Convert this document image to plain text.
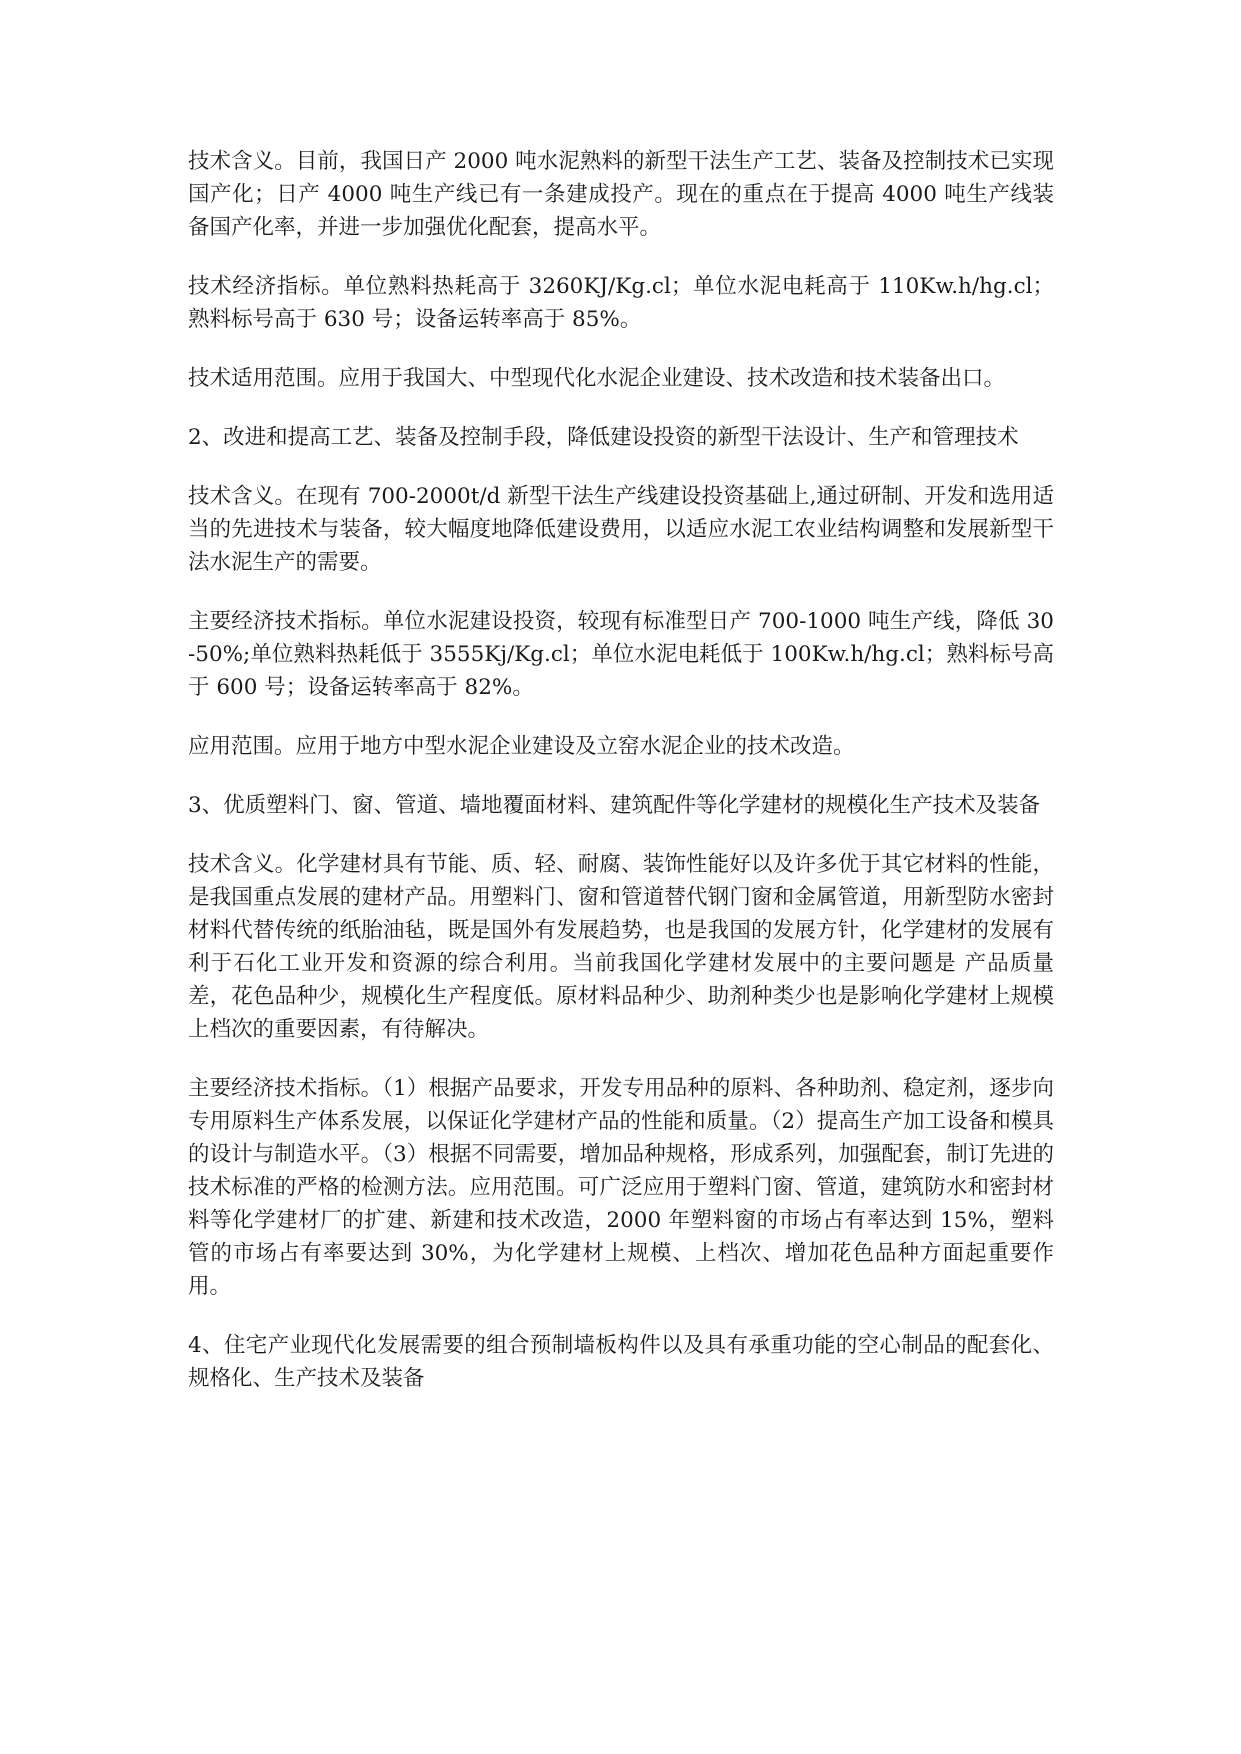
技术含义。目前，我国日产 2000 吨水泥熟料的新型干法生产工艺、装备及控制技术已实现国产化；日产 4000 吨生产线已有一条建成投产。现在的重点在于提高 4000 吨生产线装备国产化率，并进一步加强优化配套，提高水平。

技术经济指标。单位熟料热耗高于 3260KJ/Kg.cl；单位水泥电耗高于 110Kw.h/hg.cl；熟料标号高于 630 号；设备运转率高于 85%。

技术适用范围。应用于我国大、中型现代化水泥企业建设、技术改造和技术装备出口。

2、改进和提高工艺、装备及控制手段，降低建设投资的新型干法设计、生产和管理技术

技术含义。在现有 700-2000t/d 新型干法生产线建设投资基础上,通过研制、开发和选用适当的先进技术与装备，较大幅度地降低建设费用，以适应水泥工农业结构调整和发展新型干法水泥生产的需要。

主要经济技术指标。单位水泥建设投资，较现有标准型日产 700-1000 吨生产线，降低 30-50%;单位熟料热耗低于 3555Kj/Kg.cl；单位水泥电耗低于 100Kw.h/hg.cl；熟料标号高于 600 号；设备运转率高于 82%。

应用范围。应用于地方中型水泥企业建设及立窑水泥企业的技术改造。

3、优质塑料门、窗、管道、墙地覆面材料、建筑配件等化学建材的规模化生产技术及装备

技术含义。化学建材具有节能、质、轻、耐腐、装饰性能好以及许多优于其它材料的性能，是我国重点发展的建材产品。用塑料门、窗和管道替代钢门窗和金属管道，用新型防水密封材料代替传统的纸胎油毡，既是国外有发展趋势，也是我国的发展方针，化学建材的发展有利于石化工业开发和资源的综合利用。当前我国化学建材发展中的主要问题是 产品质量差，花色品种少，规模化生产程度低。原材料品种少、助剂种类少也是影响化学建材上规模上档次的重要因素，有待解决。

主要经济技术指标。（1）根据产品要求，开发专用品种的原料、各种助剂、稳定剂，逐步向专用原料生产体系发展，以保证化学建材产品的性能和质量。（2）提高生产加工设备和模具的设计与制造水平。（3）根据不同需要，增加品种规格，形成系列，加强配套，制订先进的技术标准的严格的检测方法。应用范围。可广泛应用于塑料门窗、管道，建筑防水和密封材料等化学建材厂的扩建、新建和技术改造，2000 年塑料窗的市场占有率达到 15%，塑料管的市场占有率要达到 30%，为化学建材上规模、上档次、增加花色品种方面起重要作用。

4、住宅产业现代化发展需要的组合预制墙板构件以及具有承重功能的空心制品的配套化、规格化、生产技术及装备
